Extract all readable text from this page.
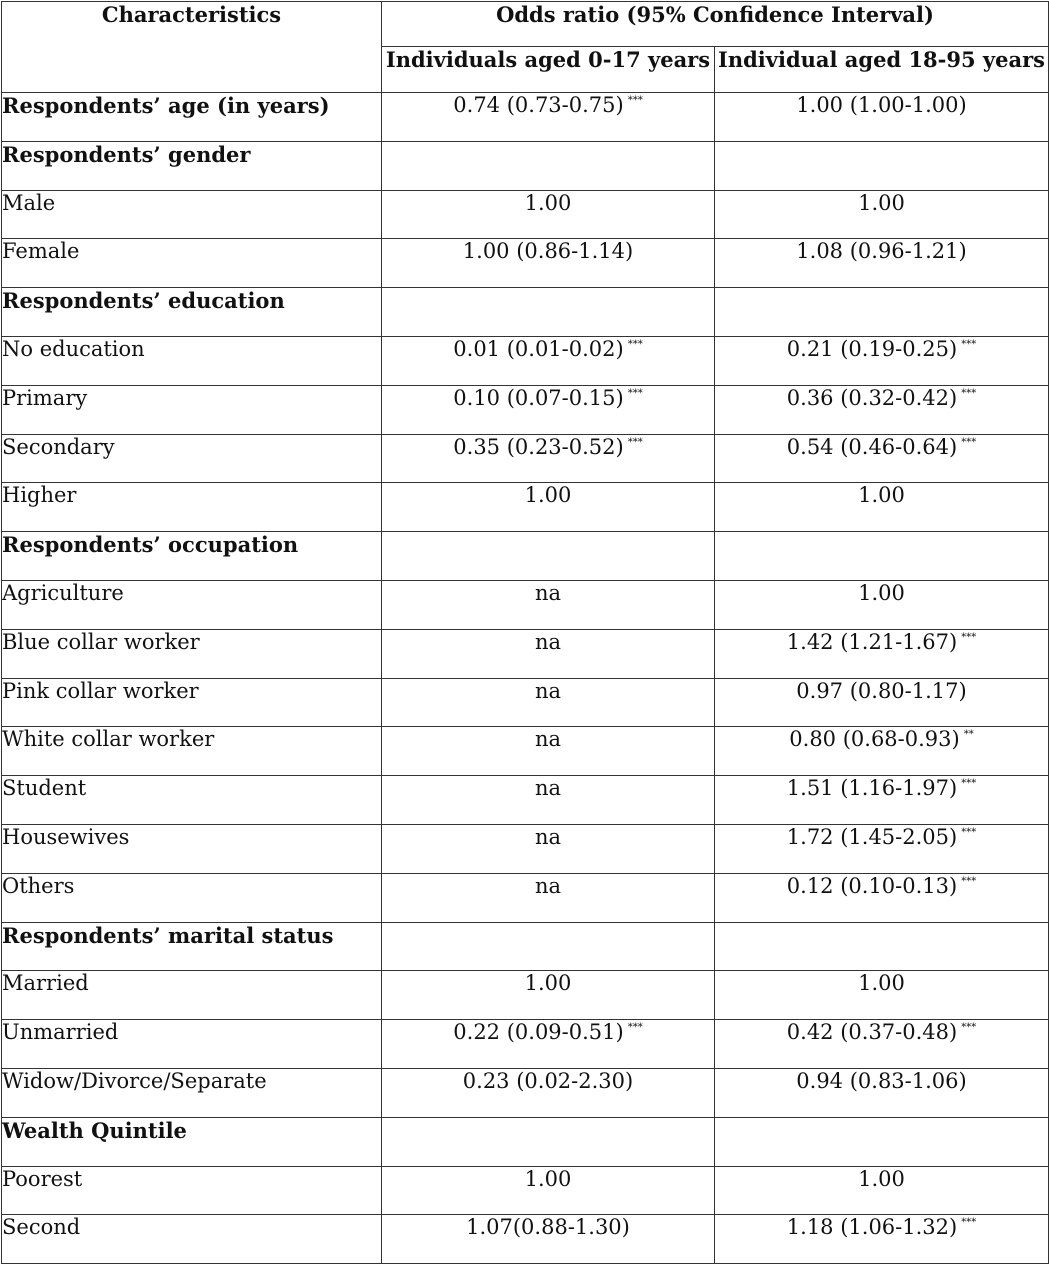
Characteristics	Odds ratio (95% Confidence Interval)	
	Individuals aged 0-17 years	Individual aged 18-95 years
Respondents’ age (in years)	0.74 (0.73-0.75) ***	1.00 (1.00-1.00)
Respondents’ gender		
Male	1.00	1.00
Female	1.00 (0.86-1.14)	1.08 (0.96-1.21)
Respondents’ education		
No education	0.01 (0.01-0.02) ***	0.21 (0.19-0.25) ***
Primary	0.10 (0.07-0.15) ***	0.36 (0.32-0.42) ***
Secondary	0.35 (0.23-0.52) ***	0.54 (0.46-0.64) ***
Higher	1.00	1.00
Respondents’ occupation		
Agriculture	na	1.00
Blue collar worker	na	1.42 (1.21-1.67) ***
Pink collar worker	na	0.97 (0.80-1.17)
White collar worker	na	0.80 (0.68-0.93) **
Student	na	1.51 (1.16-1.97) ***
Housewives	na	1.72 (1.45-2.05) ***
Others	na	0.12 (0.10-0.13) ***
Respondents’ marital status		
Married	1.00	1.00
Unmarried	0.22 (0.09-0.51) ***	0.42 (0.37-0.48) ***
Widow/Divorce/Separate	0.23 (0.02-2.30)	0.94 (0.83-1.06)
Wealth Quintile		
Poorest	1.00	1.00
Second	1.07(0.88-1.30)	1.18 (1.06-1.32) ***
